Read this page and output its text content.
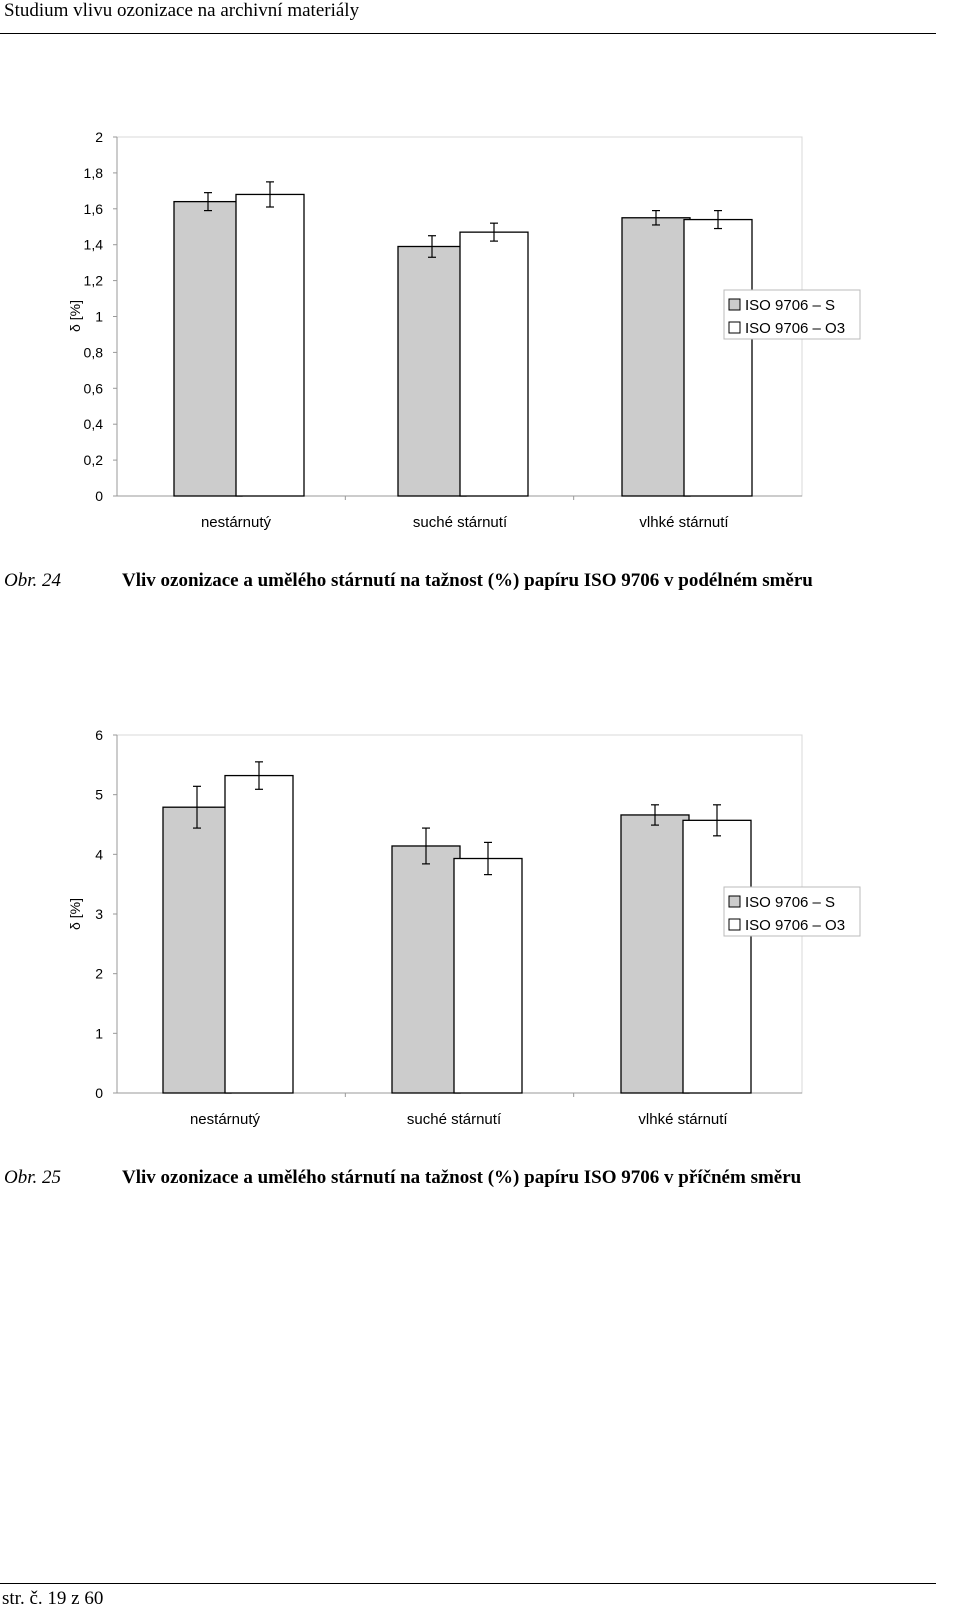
Studium vlivu ozonizace na archivní materiály
0
0,2
0,4
0,6
0,8
1
1,2
1,4
1,6
1,8
2
δ [%]
nestárnutý	suché stárnutí	vlhké stárnutí
ISO 9706 – S
ISO 9706 – O3
Obr. 24	Vliv ozonizace a umělého stárnutí na tažnost (%) papíru ISO 9706 v podélném směru
0
1
2
3
4
5
6
δ [%]
nestárnutý	suché stárnutí	vlhké stárnutí
ISO 9706 – S
ISO 9706 – O3
Obr. 25	Vliv ozonizace a umělého stárnutí na tažnost (%) papíru ISO 9706 v příčném směru
str. č. 19 z 60
